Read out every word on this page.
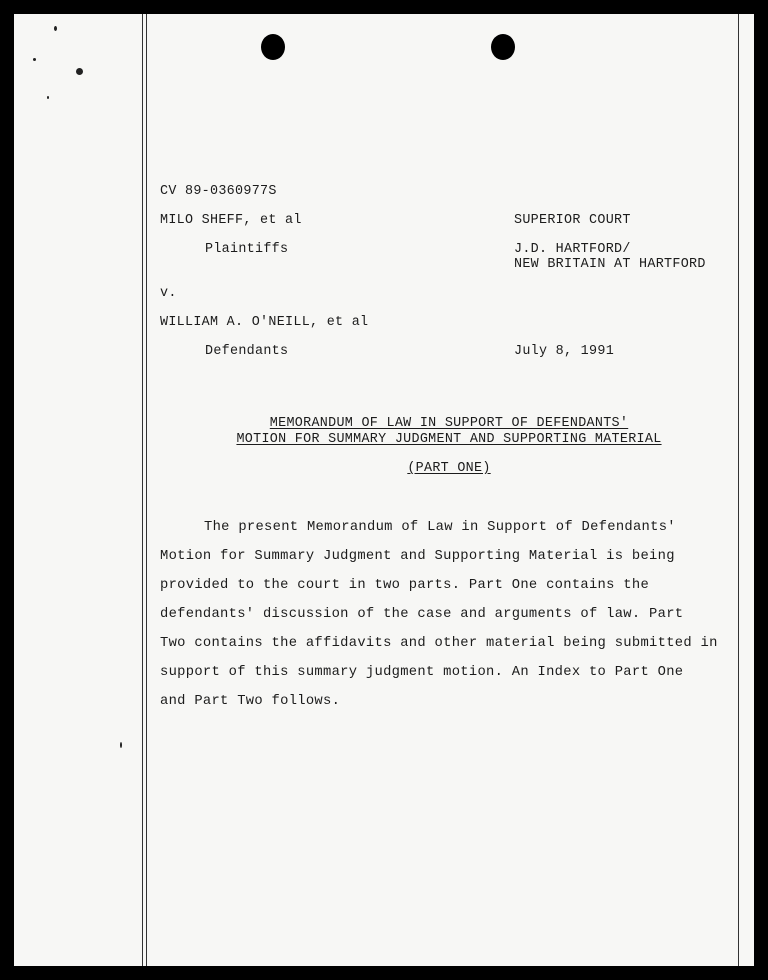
CV 89-0360977S
MILO SHEFF, et al
Plaintiffs
v.
WILLIAM A. O'NEILL, et al
Defendants
SUPERIOR COURT
J.D. HARTFORD/
NEW BRITAIN AT HARTFORD
July 8, 1991
MEMORANDUM OF LAW IN SUPPORT OF DEFENDANTS'
MOTION FOR SUMMARY JUDGMENT AND SUPPORTING MATERIAL
(PART ONE)
The present Memorandum of Law in Support of Defendants'
Motion for Summary Judgment and Supporting Material is being
provided to the court in two parts. Part One contains the
defendants' discussion of the case and arguments of law. Part
Two contains the affidavits and other material being submitted in
support of this summary judgment motion. An Index to Part One
and Part Two follows.
